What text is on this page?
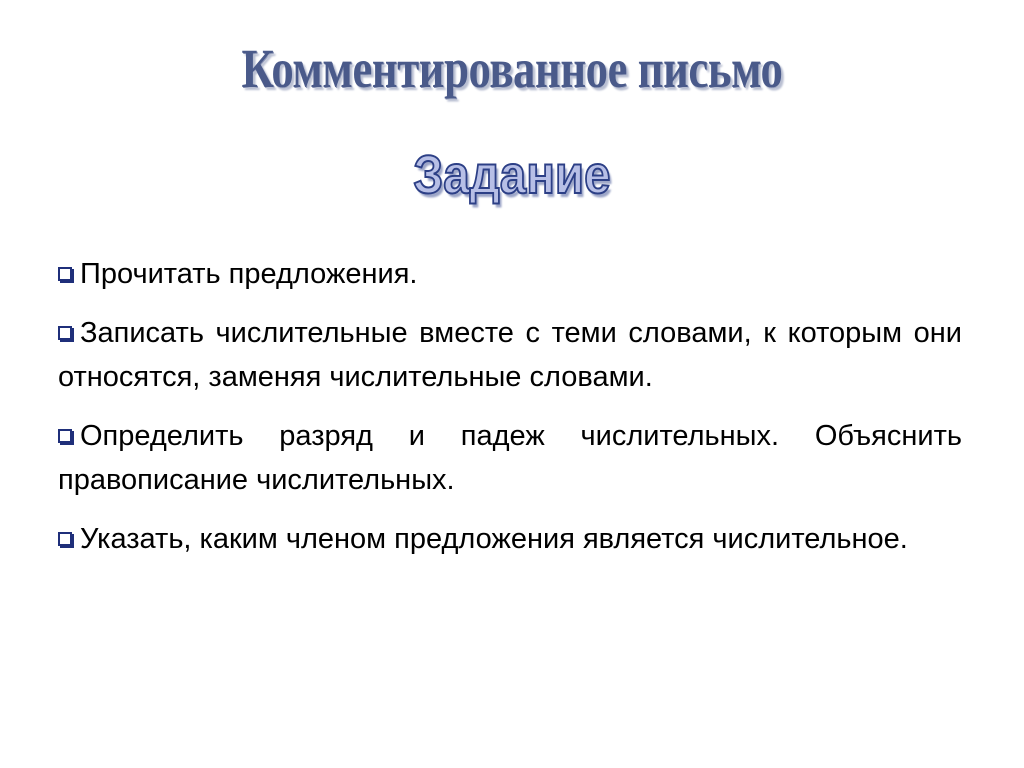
Комментированное письмо
Задание
Прочитать предложения.
Записать числительные вместе с теми словами, к которым они относятся, заменяя числительные словами.
Определить разряд и падеж числительных. Объяснить правописание числительных.
Указать, каким членом предложения является числительное.
